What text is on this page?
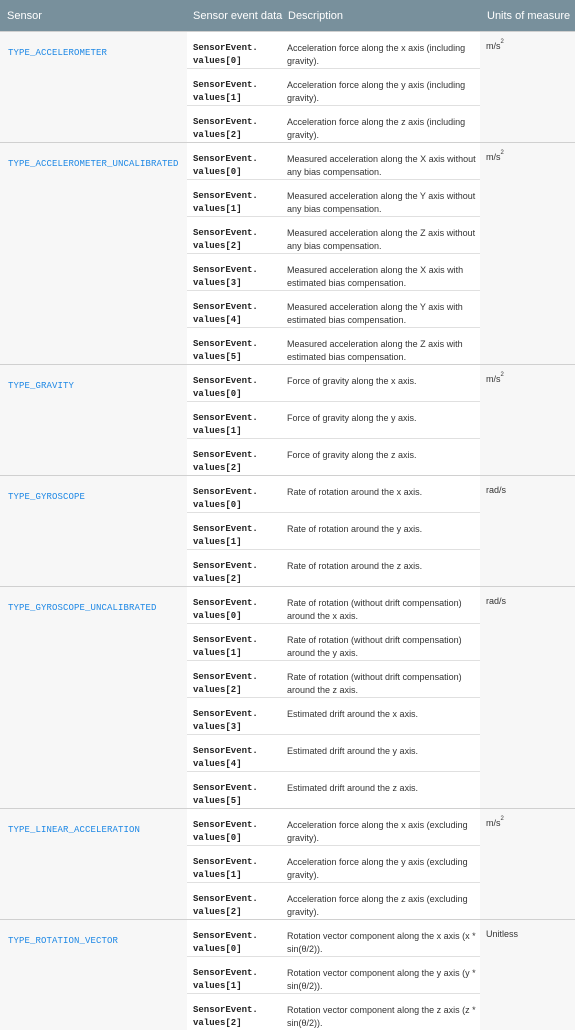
Sensor	Sensor event data	Description	Units of measure
TYPE_ACCELEROMETER	SensorEvent.
values[0]	Acceleration force along the x axis (including gravity).	$m/s^2$

	SensorEvent.
values[1]	Acceleration force along the y axis (including gravity).	

	SensorEvent.
values[2]	Acceleration force along the z axis (including gravity).	
TYPE_ACCELEROMETER_UNCALIBRATED	SensorEvent.
values[0]	Measured acceleration along the X axis without any bias compensation.	$m/s^2$

	SensorEvent.
values[1]	Measured acceleration along the Y axis without any bias compensation.	

	SensorEvent.
values[2]	Measured acceleration along the Z axis without any bias compensation.	

	SensorEvent.
values[3]	Measured acceleration along the X axis with estimated bias compensation.	

	SensorEvent.
values[4]	Measured acceleration along the Y axis with estimated bias compensation.	

	SensorEvent.
values[5]	Measured acceleration along the Z axis with estimated bias compensation.	
TYPE_GRAVITY	SensorEvent.
values[0]	Force of gravity along the x axis.	$m/s^2$

	SensorEvent.
values[1]	Force of gravity along the y axis.	

	SensorEvent.
values[2]	Force of gravity along the z axis.	
TYPE_GYROSCOPE	SensorEvent.
values[0]	Rate of rotation around the x axis.	rad/s

	SensorEvent.
values[1]	Rate of rotation around the y axis.	

	SensorEvent.
values[2]	Rate of rotation around the z axis.	
TYPE_GYROSCOPE_UNCALIBRATED	SensorEvent.
values[0]	Rate of rotation (without drift compensation) around the x axis.	rad/s

	SensorEvent.
values[1]	Rate of rotation (without drift compensation) around the y axis.	

	SensorEvent.
values[2]	Rate of rotation (without drift compensation) around the z axis.	

	SensorEvent.
values[3]	Estimated drift around the x axis.	

	SensorEvent.
values[4]	Estimated drift around the y axis.	

	SensorEvent.
values[5]	Estimated drift around the z axis.	
TYPE_LINEAR_ACCELERATION	SensorEvent.
values[0]	Acceleration force along the x axis (excluding gravity).	$m/s^2$

	SensorEvent.
values[1]	Acceleration force along the y axis (excluding gravity).	

	SensorEvent.
values[2]	Acceleration force along the z axis (excluding gravity).	
TYPE_ROTATION_VECTOR	SensorEvent.
values[0]	Rotation vector component along the x axis (x * sin(θ/2)).	Unitless

	SensorEvent.
values[1]	Rotation vector component along the y axis (y * sin(θ/2)).	

	SensorEvent.
values[2]	Rotation vector component along the z axis (z * sin(θ/2)).	
